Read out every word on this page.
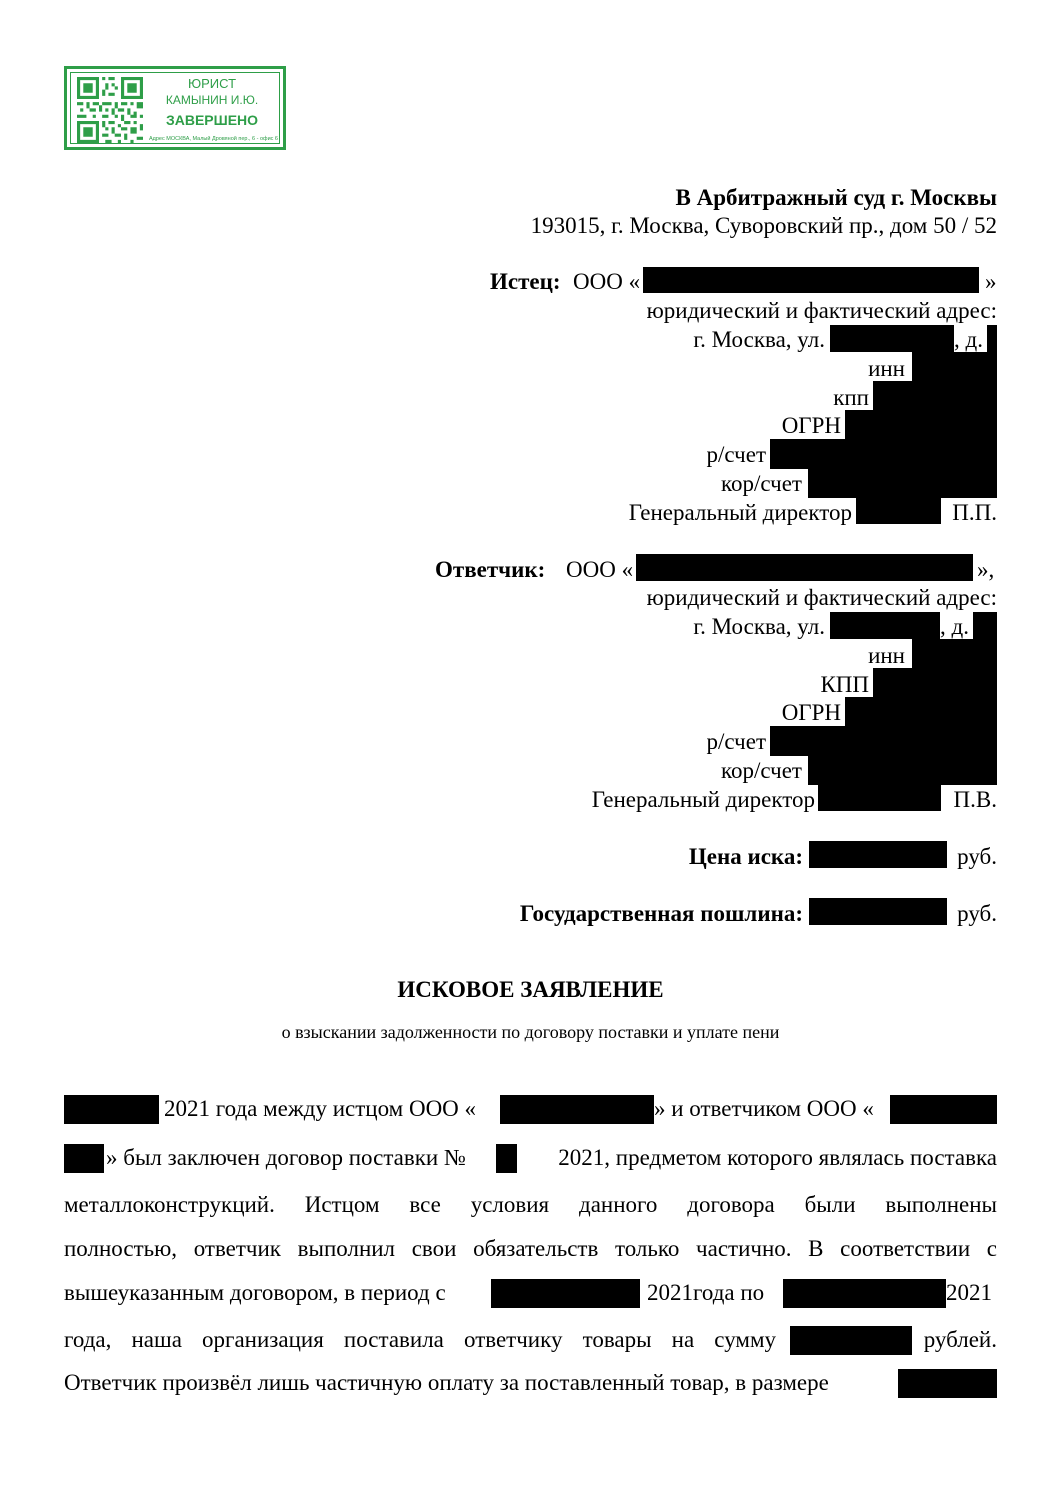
ЮРИСТ
КАМЫНИН И.Ю.
ЗАВЕРШЕНО
Адрес МОСКВА, Малый Дровяной пер., 6 - офис 6
В Арбитражный суд г. Москвы
193015, г. Москва, Суворовский пр., дом 50 / 52
Истец: ООО «	»
юридический и фактический адрес:
г. Москва, ул.	, д.
инн
кпп
ОГРН
р/счет
кор/счет
Генеральный директор	П.П.
Ответчик: ООО «	»,
юридический и фактический адрес:
г. Москва, ул.	, д.
инн
КПП
ОГРН
р/счет
кор/счет
Генеральный директор	П.В.
Цена иска:	руб.
Государственная пошлина:	руб.
ИСКОВОЕ ЗАЯВЛЕНИЕ
о взыскании задолженности по договору поставки и уплате пени
2021 года между истцом ООО «	» и ответчиком ООО «
» был заключен договор поставки №	2021, предметом которого являлась поставка
металлоконструкций. Истцом все условия данного договора были выполнены
полностью, ответчик выполнил свои обязательств только частично. В соответствии с
вышеуказанным договором, в период с	2021года по	2021
года, наша организация поставила ответчику товары на сумму	рублей.
Ответчик произвёл лишь частичную оплату за поставленный товар, в размере
